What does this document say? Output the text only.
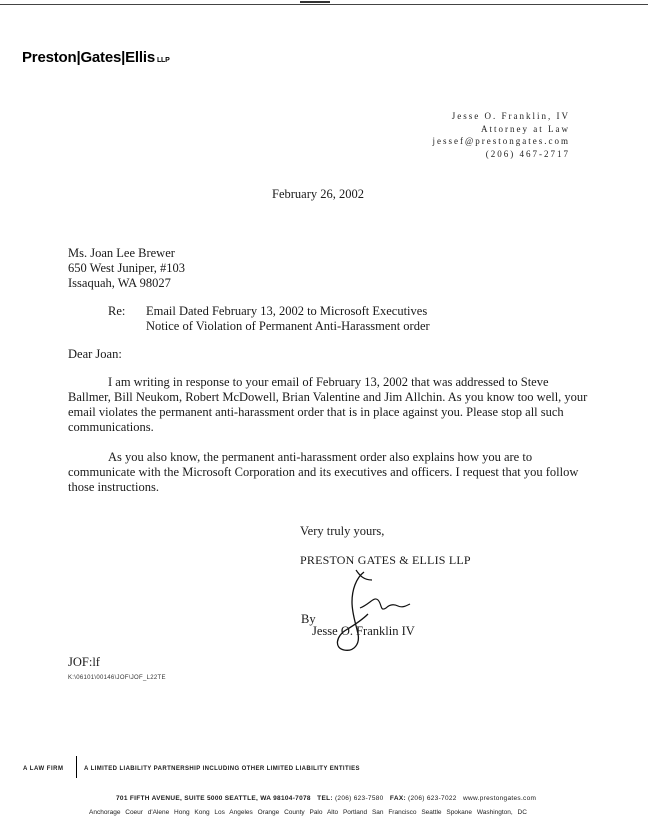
Preston|Gates|Ellis LLP
Jesse O. Franklin, IV
Attorney at Law
jessef@prestongates.com
(206) 467-2717
February 26, 2002
Ms. Joan Lee Brewer
650 West Juniper, #103
Issaquah, WA 98027
Re: Email Dated February 13, 2002 to Microsoft Executives
Notice of Violation of Permanent Anti-Harassment order
Dear Joan:
I am writing in response to your email of February 13, 2002 that was addressed to Steve Ballmer, Bill Neukom, Robert McDowell, Brian Valentine and Jim Allchin. As you know too well, your email violates the permanent anti-harassment order that is in place against you. Please stop all such communications.
As you also know, the permanent anti-harassment order also explains how you are to communicate with the Microsoft Corporation and its executives and officers. I request that you follow those instructions.
Very truly yours,
PRESTON GATES & ELLIS LLP
By
Jesse O. Franklin IV
JOF:lf
K:\06101\00146\JOF\JOF_L22TE
A LAW FIRM	A LIMITED LIABILITY PARTNERSHIP INCLUDING OTHER LIMITED LIABILITY ENTITIES
701 FIFTH AVENUE, SUITE 5000 SEATTLE, WA 98104-7078 TEL: (206) 623-7580 FAX: (206) 623-7022 www.prestongates.com
Anchorage Coeur d'Alene Hong Kong Los Angeles Orange County Palo Alto Portland San Francisco Seattle Spokane Washington, DC
